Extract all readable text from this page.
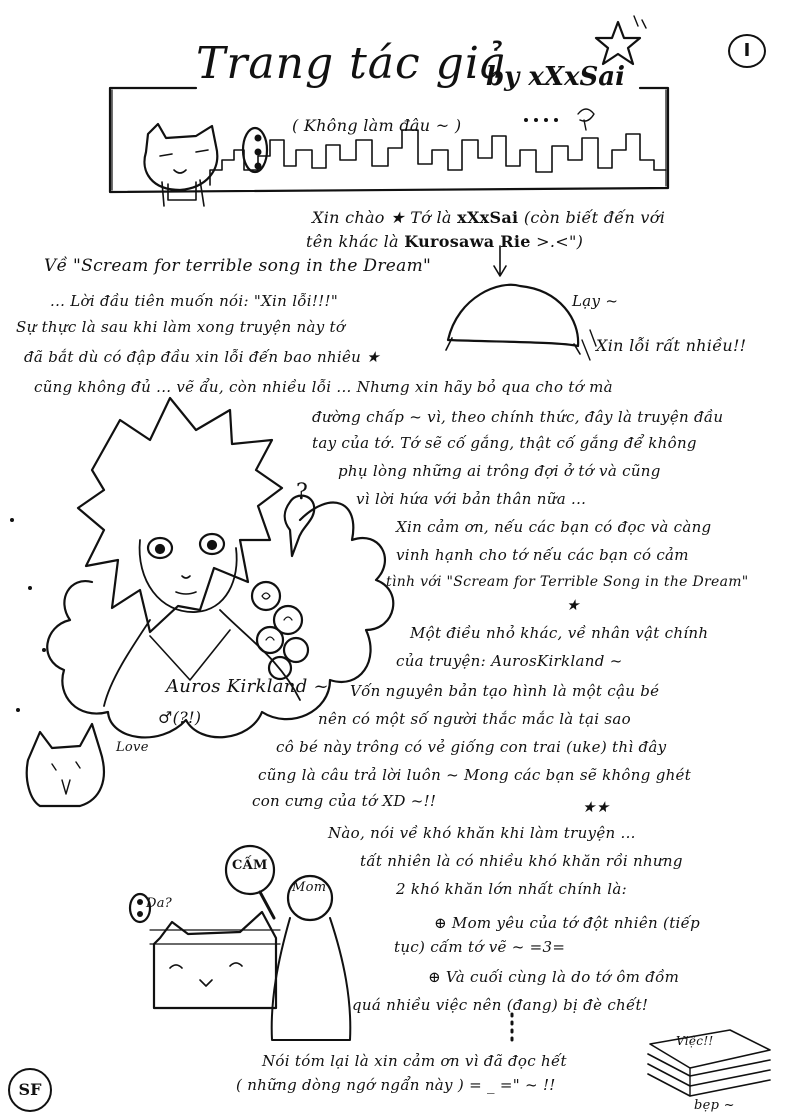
Trang tác giả
by xXxSai
I
( Không làm đâu ~ )
Xin chào ★ Tớ là xXxSai (còn biết đến với
tên khác là Kurosawa Rie >.<")
Lạy ~
Xin lỗi rất nhiều!!
Về "Scream for terrible song in the Dream"
... Lời đầu tiên muốn nói: "Xin lỗi!!!"
Sự thực là sau khi làm xong truyện này tớ
đã bắt dù có đập đầu xin lỗi đến bao nhiêu ★
cũng không đủ ... vẽ ẩu, còn nhiều lỗi ... Nhưng xin hãy bỏ qua cho tớ mà
đường chấp ~ vì, theo chính thức, đây là truyện đầu
tay của tớ. Tớ sẽ cố gắng, thật cố gắng để không
phụ lòng những ai trông đợi ở tớ và cũng
vì lời hứa với bản thân nữa ...
Xin cảm ơn, nếu các bạn có đọc và càng
vinh hạnh cho tớ nếu các bạn có cảm
tình với "Scream for Terrible Song in the Dream"
★
Một điều nhỏ khác, về nhân vật chính
của truyện: AurosKirkland ~
Vốn nguyên bản tạo hình là một cậu bé
nên có một số người thắc mắc là tại sao
cô bé này trông có vẻ giống con trai (uke) thì đây
cũng là câu trả lời luôn ~ Mong các bạn sẽ không ghét
con cưng của tớ XD ~!!	★★
Nào, nói về khó khăn khi làm truyện ...
tất nhiên là có nhiều khó khăn rồi nhưng
2 khó khăn lớn nhất chính là:
⊕ Mom yêu của tớ đột nhiên (tiếp
tục) cấm tớ vẽ ~ =3=
⊕ Và cuối cùng là do tớ ôm đồm
quá nhiều việc nên (đang) bị đè chết!
Nói tóm lại là xin cảm ơn vì đã đọc hết
( những dòng ngớ ngẩn này ) = _ =" ~ !!
?
Auros Kirkland ~
♂(?!)
Love
Da?
CẤM
Mom
Việc!!
bẹp ~
SF
